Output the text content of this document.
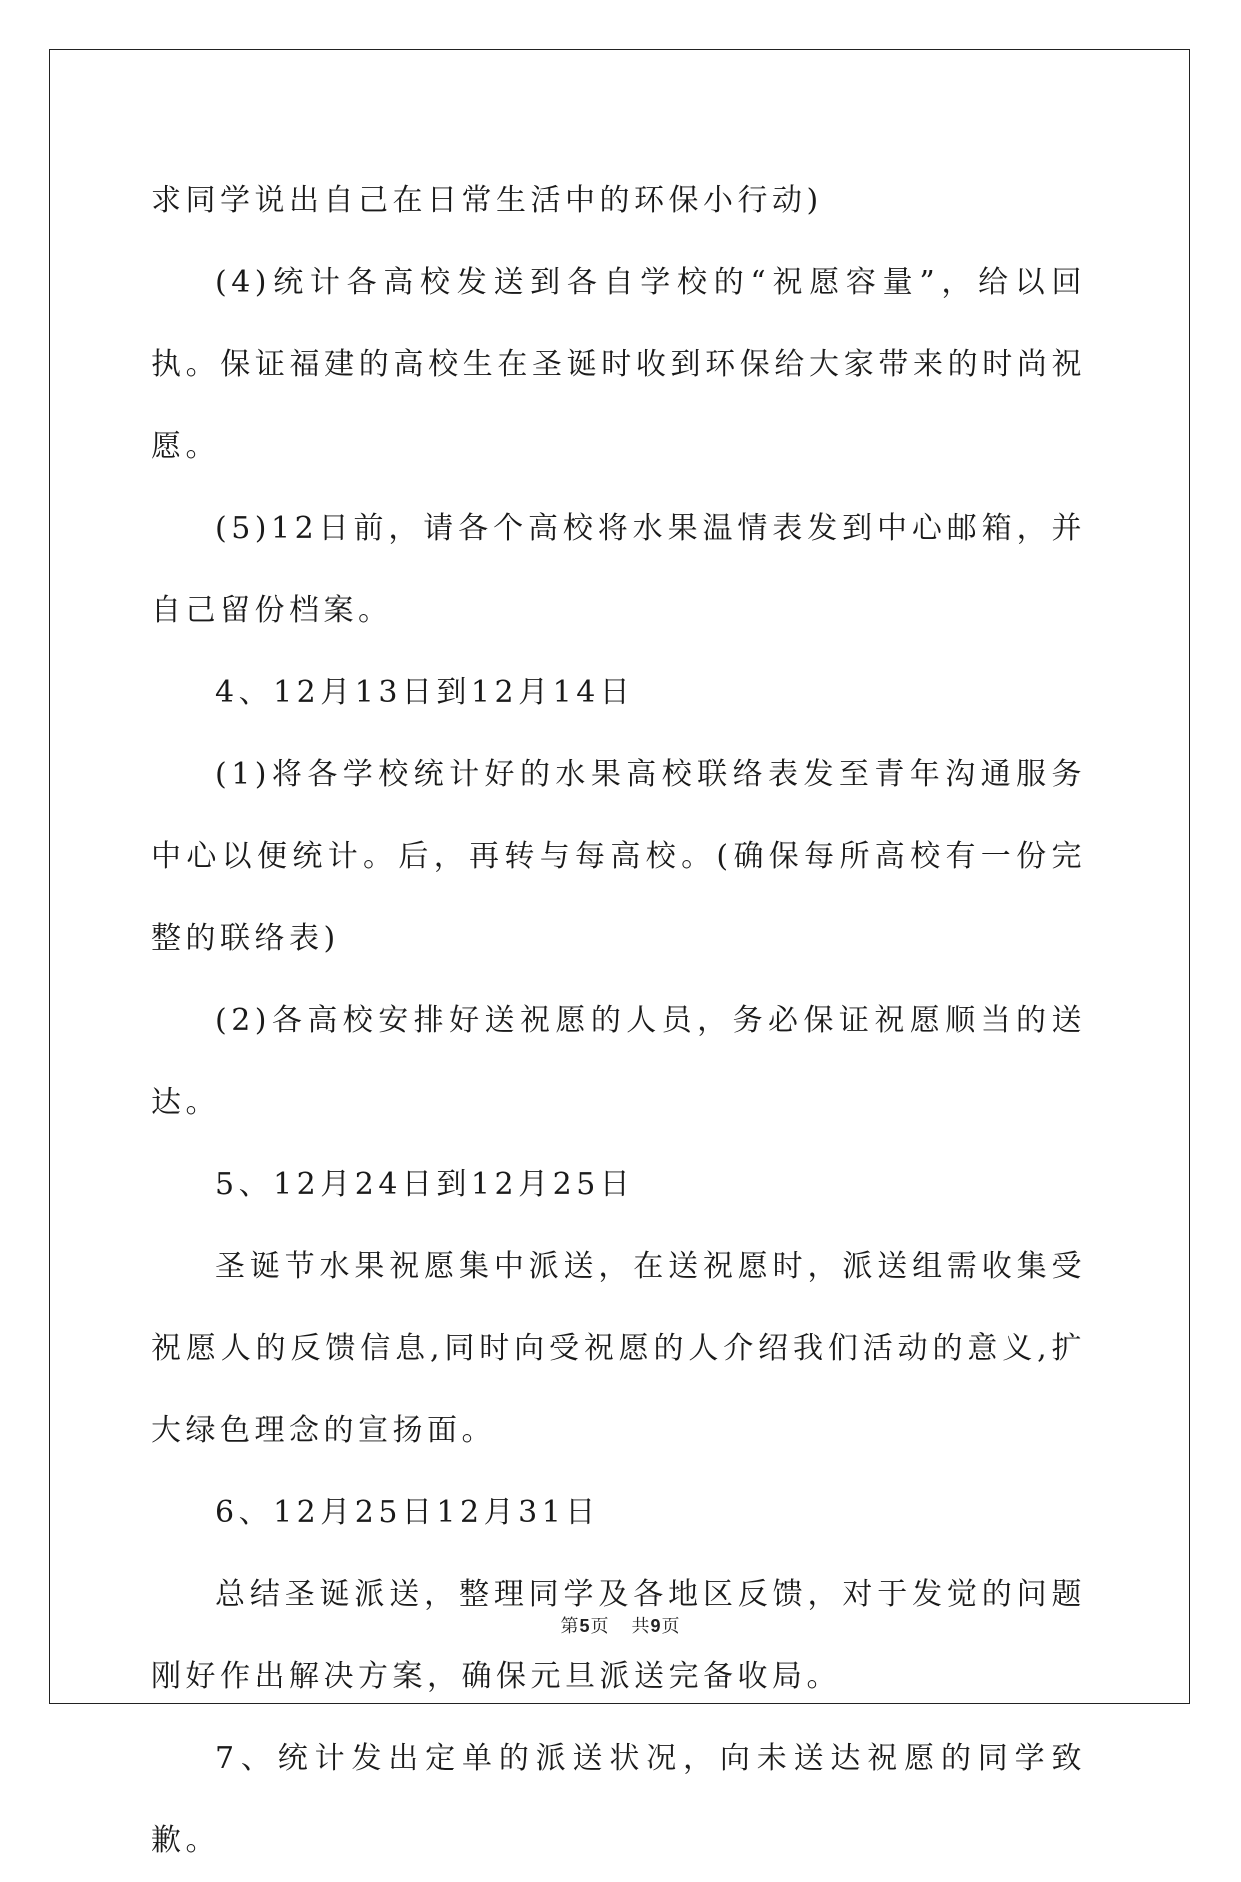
求同学说出自己在日常生活中的环保小行动)

(4)统计各高校发送到各自学校的“祝愿容量”，给以回执。保证福建的高校生在圣诞时收到环保给大家带来的时尚祝愿。

(5)12日前，请各个高校将水果温情表发到中心邮箱，并自己留份档案。

4、12月13日到12月14日

(1)将各学校统计好的水果高校联络表发至青年沟通服务中心以便统计。后，再转与每高校。(确保每所高校有一份完整的联络表)

(2)各高校安排好送祝愿的人员，务必保证祝愿顺当的送达。

5、12月24日到12月25日

圣诞节水果祝愿集中派送，在送祝愿时，派送组需收集受祝愿人的反馈信息,同时向受祝愿的人介绍我们活动的意义,扩大绿色理念的宣扬面。

6、12月25日12月31日

总结圣诞派送，整理同学及各地区反馈，对于发觉的问题刚好作出解决方案，确保元旦派送完备收局。

7、统计发出定单的派送状况，向未送达祝愿的同学致歉。

第5页 共9页
